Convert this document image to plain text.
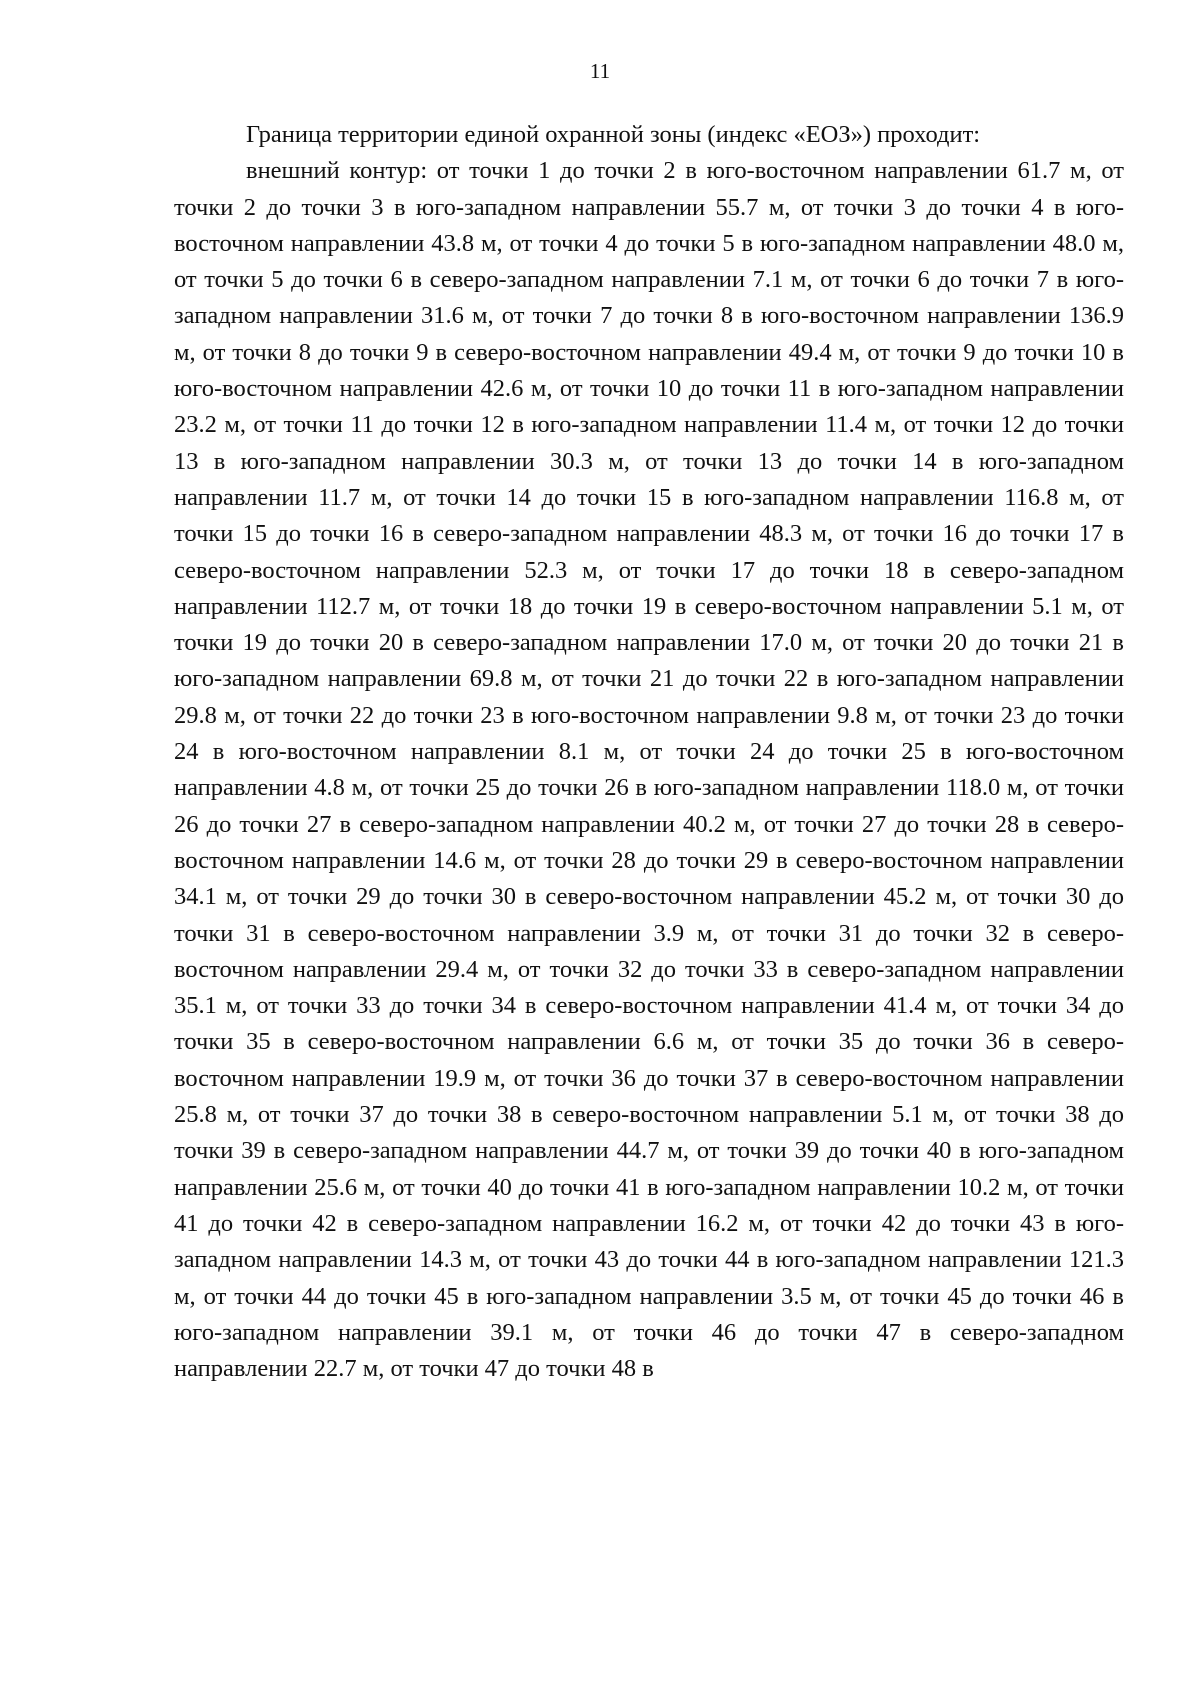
11

Граница территории единой охранной зоны (индекс «ЕОЗ») проходит:

внешний контур: от точки 1 до точки 2 в юго-восточном направлении 61.7 м, от точки 2 до точки 3 в юго-западном направлении 55.7 м, от точки 3 до точки 4 в юго-восточном направлении 43.8 м, от точки 4 до точки 5 в юго-западном направлении 48.0 м, от точки 5 до точки 6 в северо-западном направлении 7.1 м, от точки 6 до точки 7 в юго-западном направлении 31.6 м, от точки 7 до точки 8 в юго-восточном направлении 136.9 м, от точки 8 до точки 9 в северо-восточном направлении 49.4 м, от точки 9 до точки 10 в юго-восточном направлении 42.6 м, от точки 10 до точки 11 в юго-западном направлении 23.2 м, от точки 11 до точки 12 в юго-западном направлении 11.4 м, от точки 12 до точки 13 в юго-западном направлении 30.3 м, от точки 13 до точки 14 в юго-западном направлении 11.7 м, от точки 14 до точки 15 в юго-западном направлении 116.8 м, от точки 15 до точки 16 в северо-западном направлении 48.3 м, от точки 16 до точки 17 в северо-восточном направлении 52.3 м, от точки 17 до точки 18 в северо-западном направлении 112.7 м, от точки 18 до точки 19 в северо-восточном направлении 5.1 м, от точки 19 до точки 20 в северо-западном направлении 17.0 м, от точки 20 до точки 21 в юго-западном направлении 69.8 м, от точки 21 до точки 22 в юго-западном направлении 29.8 м, от точки 22 до точки 23 в юго-восточном направлении 9.8 м, от точки 23 до точки 24 в юго-восточном направлении 8.1 м, от точки 24 до точки 25 в юго-восточном направлении 4.8 м, от точки 25 до точки 26 в юго-западном направлении 118.0 м, от точки 26 до точки 27 в северо-западном направлении 40.2 м, от точки 27 до точки 28 в северо-восточном направлении 14.6 м, от точки 28 до точки 29 в северо-восточном направлении 34.1 м, от точки 29 до точки 30 в северо-восточном направлении 45.2 м, от точки 30 до точки 31 в северо-восточном направлении 3.9 м, от точки 31 до точки 32 в северо-восточном направлении 29.4 м, от точки 32 до точки 33 в северо-западном направлении 35.1 м, от точки 33 до точки 34 в северо-восточном направлении 41.4 м, от точки 34 до точки 35 в северо-восточном направлении 6.6 м, от точки 35 до точки 36 в северо-восточном направлении 19.9 м, от точки 36 до точки 37 в северо-восточном направлении 25.8 м, от точки 37 до точки 38 в северо-восточном направлении 5.1 м, от точки 38 до точки 39 в северо-западном направлении 44.7 м, от точки 39 до точки 40 в юго-западном направлении 25.6 м, от точки 40 до точки 41 в юго-западном направлении 10.2 м, от точки 41 до точки 42 в северо-западном направлении 16.2 м, от точки 42 до точки 43 в юго-западном направлении 14.3 м, от точки 43 до точки 44 в юго-западном направлении 121.3 м, от точки 44 до точки 45 в юго-западном направлении 3.5 м, от точки 45 до точки 46 в юго-западном направлении 39.1 м, от точки 46 до точки 47 в северо-западном направлении 22.7 м, от точки 47 до точки 48 в
